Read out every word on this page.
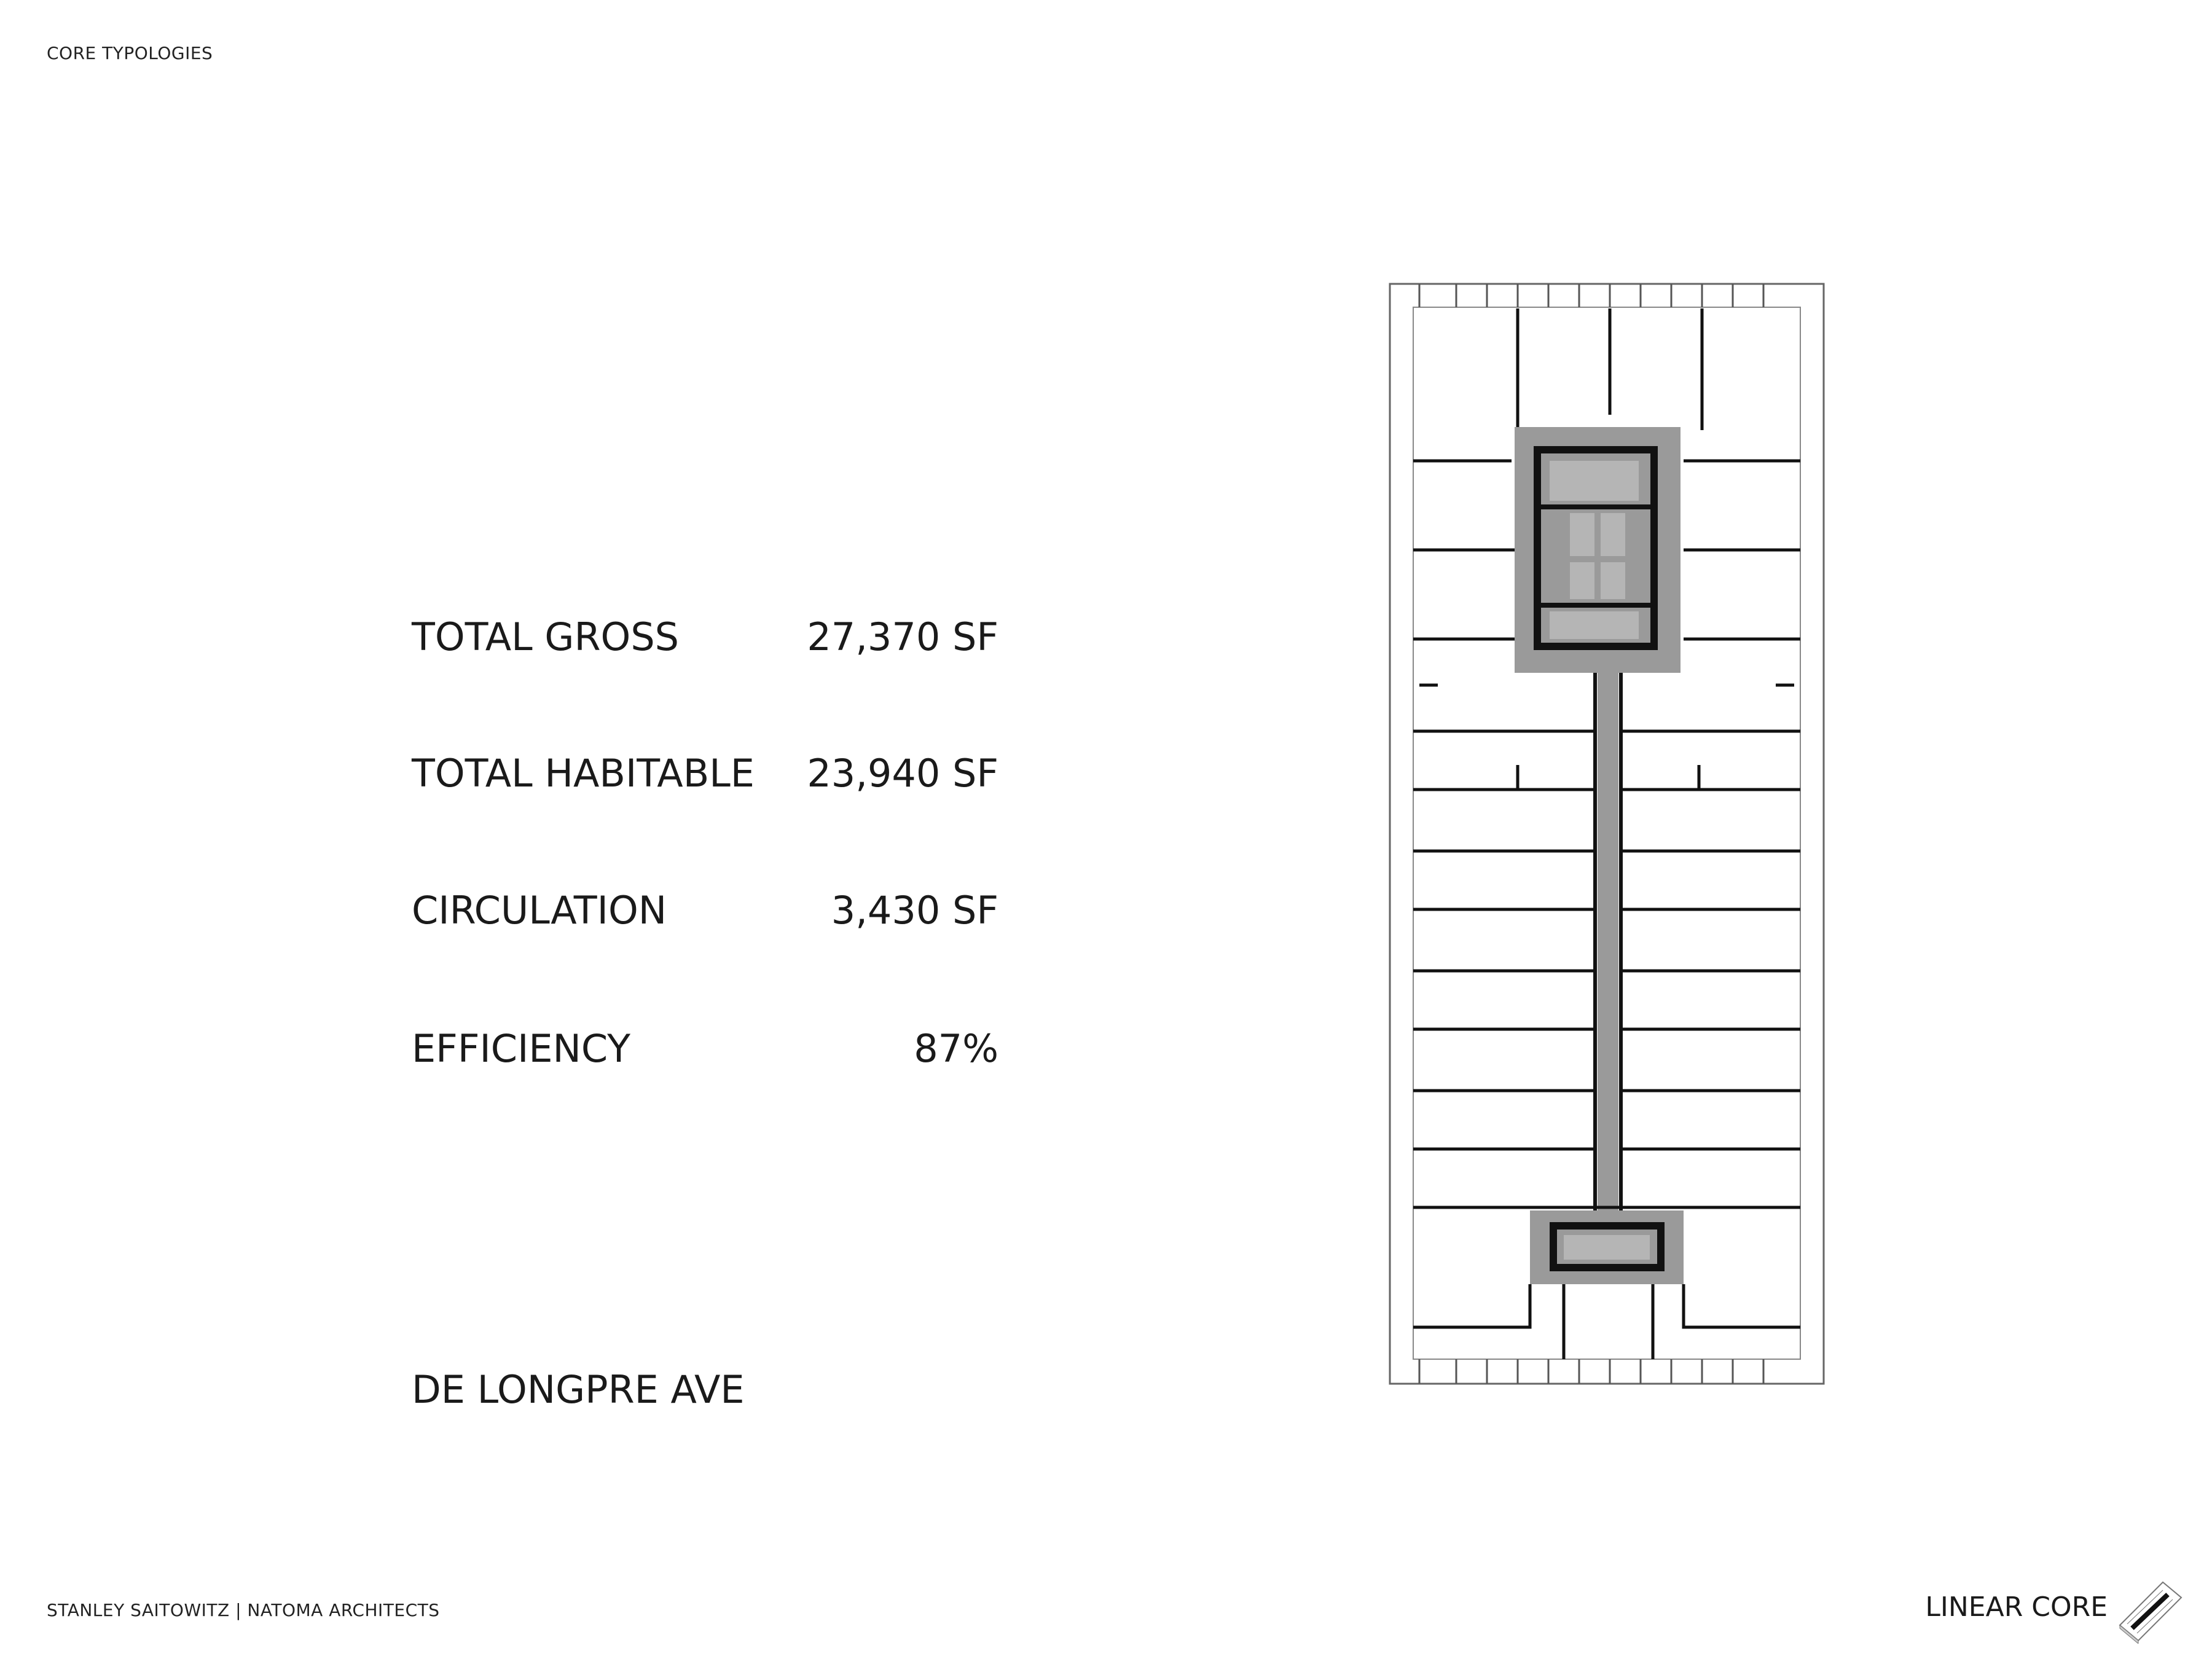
CORE TYPOLOGIES
TOTAL GROSS	27,370 SF
TOTAL HABITABLE 23,940 SF
CIRCULATION	3,430 SF
EFFICIENCY	87%
DE LONGPRE AVE
STANLEY SAITOWITZ | NATOMA ARCHITECTS	LINEAR CORE
